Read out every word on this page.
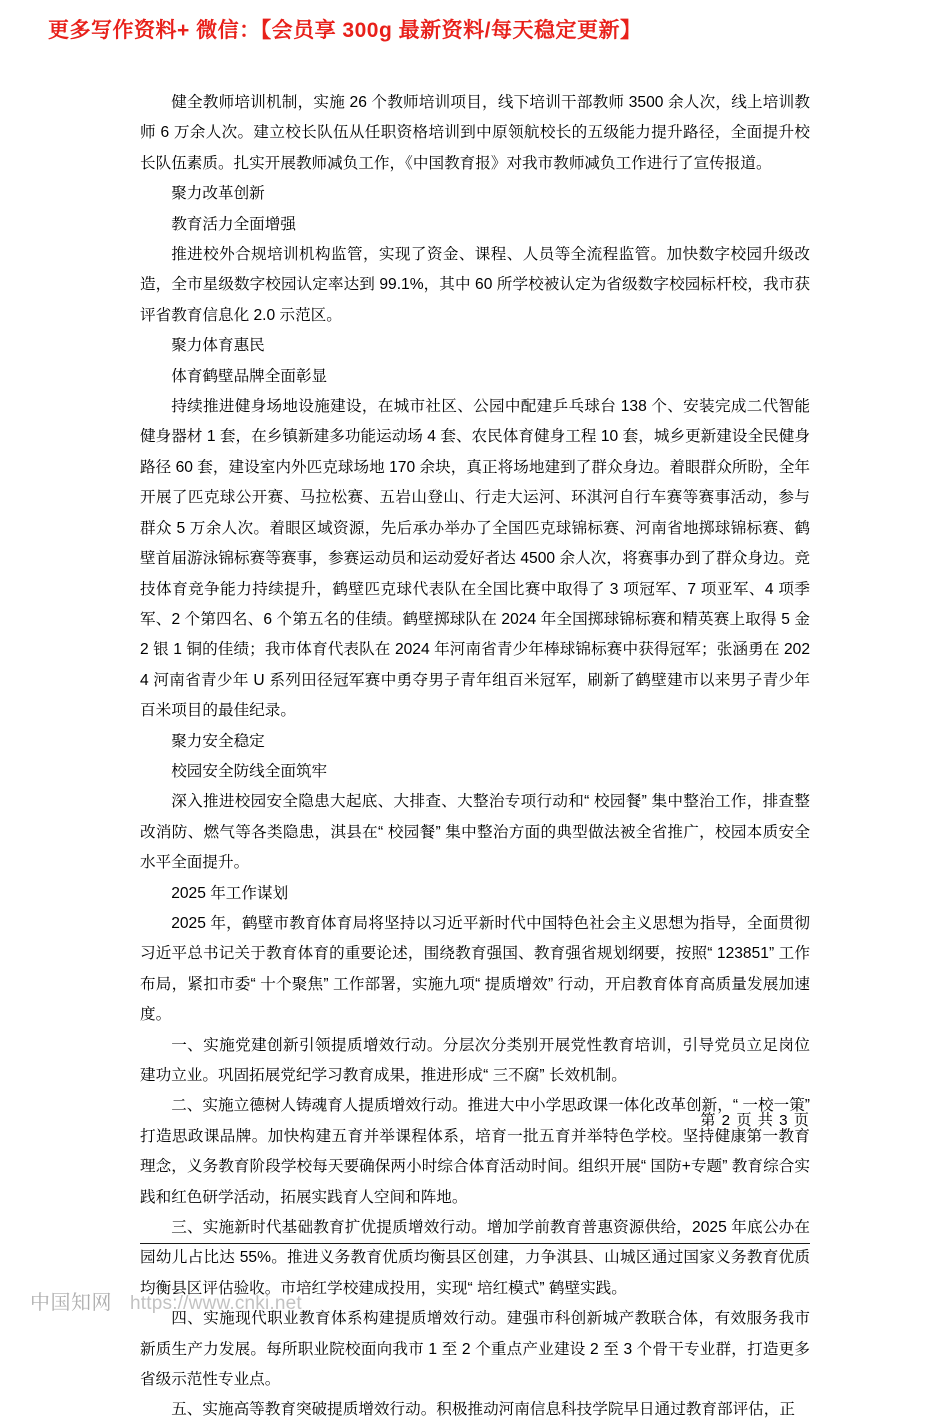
更多写作资料+ 微信：【会员享 300g 最新资料/每天稳定更新】

健全教师培训机制，实施 26 个教师培训项目，线下培训干部教师 3500 余人次，线上培训教师 6 万余人次。建立校长队伍从任职资格培训到中原领航校长的五级能力提升路径，全面提升校长队伍素质。扎实开展教师减负工作，《中国教育报》对我市教师减负工作进行了宣传报道。

聚力改革创新

教育活力全面增强

推进校外合规培训机构监管，实现了资金、课程、人员等全流程监管。加快数字校园升级改造，全市星级数字校园认定率达到 99.1%，其中 60 所学校被认定为省级数字校园标杆校，我市获评省教育信息化 2.0 示范区。

聚力体育惠民

体育鹤壁品牌全面彰显

持续推进健身场地设施建设，在城市社区、公园中配建乒乓球台 138 个、安装完成二代智能健身器材 1 套，在乡镇新建多功能运动场 4 套、农民体育健身工程 10 套，城乡更新建设全民健身路径 60 套，建设室内外匹克球场地 170 余块，真正将场地建到了群众身边。着眼群众所盼，全年开展了匹克球公开赛、马拉松赛、五岩山登山、行走大运河、环淇河自行车赛等赛事活动，参与群众 5 万余人次。着眼区域资源，先后承办举办了全国匹克球锦标赛、河南省地掷球锦标赛、鹤壁首届游泳锦标赛等赛事，参赛运动员和运动爱好者达 4500 余人次，将赛事办到了群众身边。竞技体育竞争能力持续提升，鹤壁匹克球代表队在全国比赛中取得了 3 项冠军、7 项亚军、4 项季军、2 个第四名、6 个第五名的佳绩。鹤壁掷球队在 2024 年全国掷球锦标赛和精英赛上取得 5 金 2 银 1 铜的佳绩；我市体育代表队在 2024 年河南省青少年棒球锦标赛中获得冠军；张涵勇在 2024 河南省青少年 U 系列田径冠军赛中勇夺男子青年组百米冠军，刷新了鹤壁建市以来男子青少年百米项目的最佳纪录。

聚力安全稳定

校园安全防线全面筑牢

深入推进校园安全隐患大起底、大排查、大整治专项行动和“ 校园餐” 集中整治工作，排查整改消防、燃气等各类隐患，淇县在“ 校园餐” 集中整治方面的典型做法被全省推广，校园本质安全水平全面提升。

2025 年工作谋划

2025 年，鹤壁市教育体育局将坚持以习近平新时代中国特色社会主义思想为指导，全面贯彻习近平总书记关于教育体育的重要论述，围绕教育强国、教育强省规划纲要，按照“ 123851” 工作布局，紧扣市委“ 十个聚焦” 工作部署，实施九项“ 提质增效” 行动，开启教育体育高质量发展加速度。

一、实施党建创新引领提质增效行动。分层次分类别开展党性教育培训，引导党员立足岗位建功立业。巩固拓展党纪学习教育成果，推进形成“ 三不腐” 长效机制。

二、实施立德树人铸魂育人提质增效行动。推进大中小学思政课一体化改革创新，“ 一校一策” 打造思政课品牌。加快构建五育并举课程体系，培育一批五育并举特色学校。坚持健康第一教育理念，义务教育阶段学校每天要确保两小时综合体育活动时间。组织开展“ 国防+专题” 教育综合实践和红色研学活动，拓展实践育人空间和阵地。

三、实施新时代基础教育扩优提质增效行动。增加学前教育普惠资源供给，2025 年底公办在园幼儿占比达 55%。推进义务教育优质均衡县区创建，力争淇县、山城区通过国家义务教育优质均衡县区评估验收。市培红学校建成投用，实现“ 培红模式” 鹤壁实践。

四、实施现代职业教育体系构建提质增效行动。建强市科创新城产教联合体，有效服务我市新质生产力发展。每所职业院校面向我市 1 至 2 个重点产业建设 2 至 3 个骨干专业群，打造更多省级示范性专业点。

五、实施高等教育突破提质增效行动。积极推动河南信息科技学院早日通过教育部评估，正

第 2 页 共 3 页
中国知网 https://www.cnki.net
